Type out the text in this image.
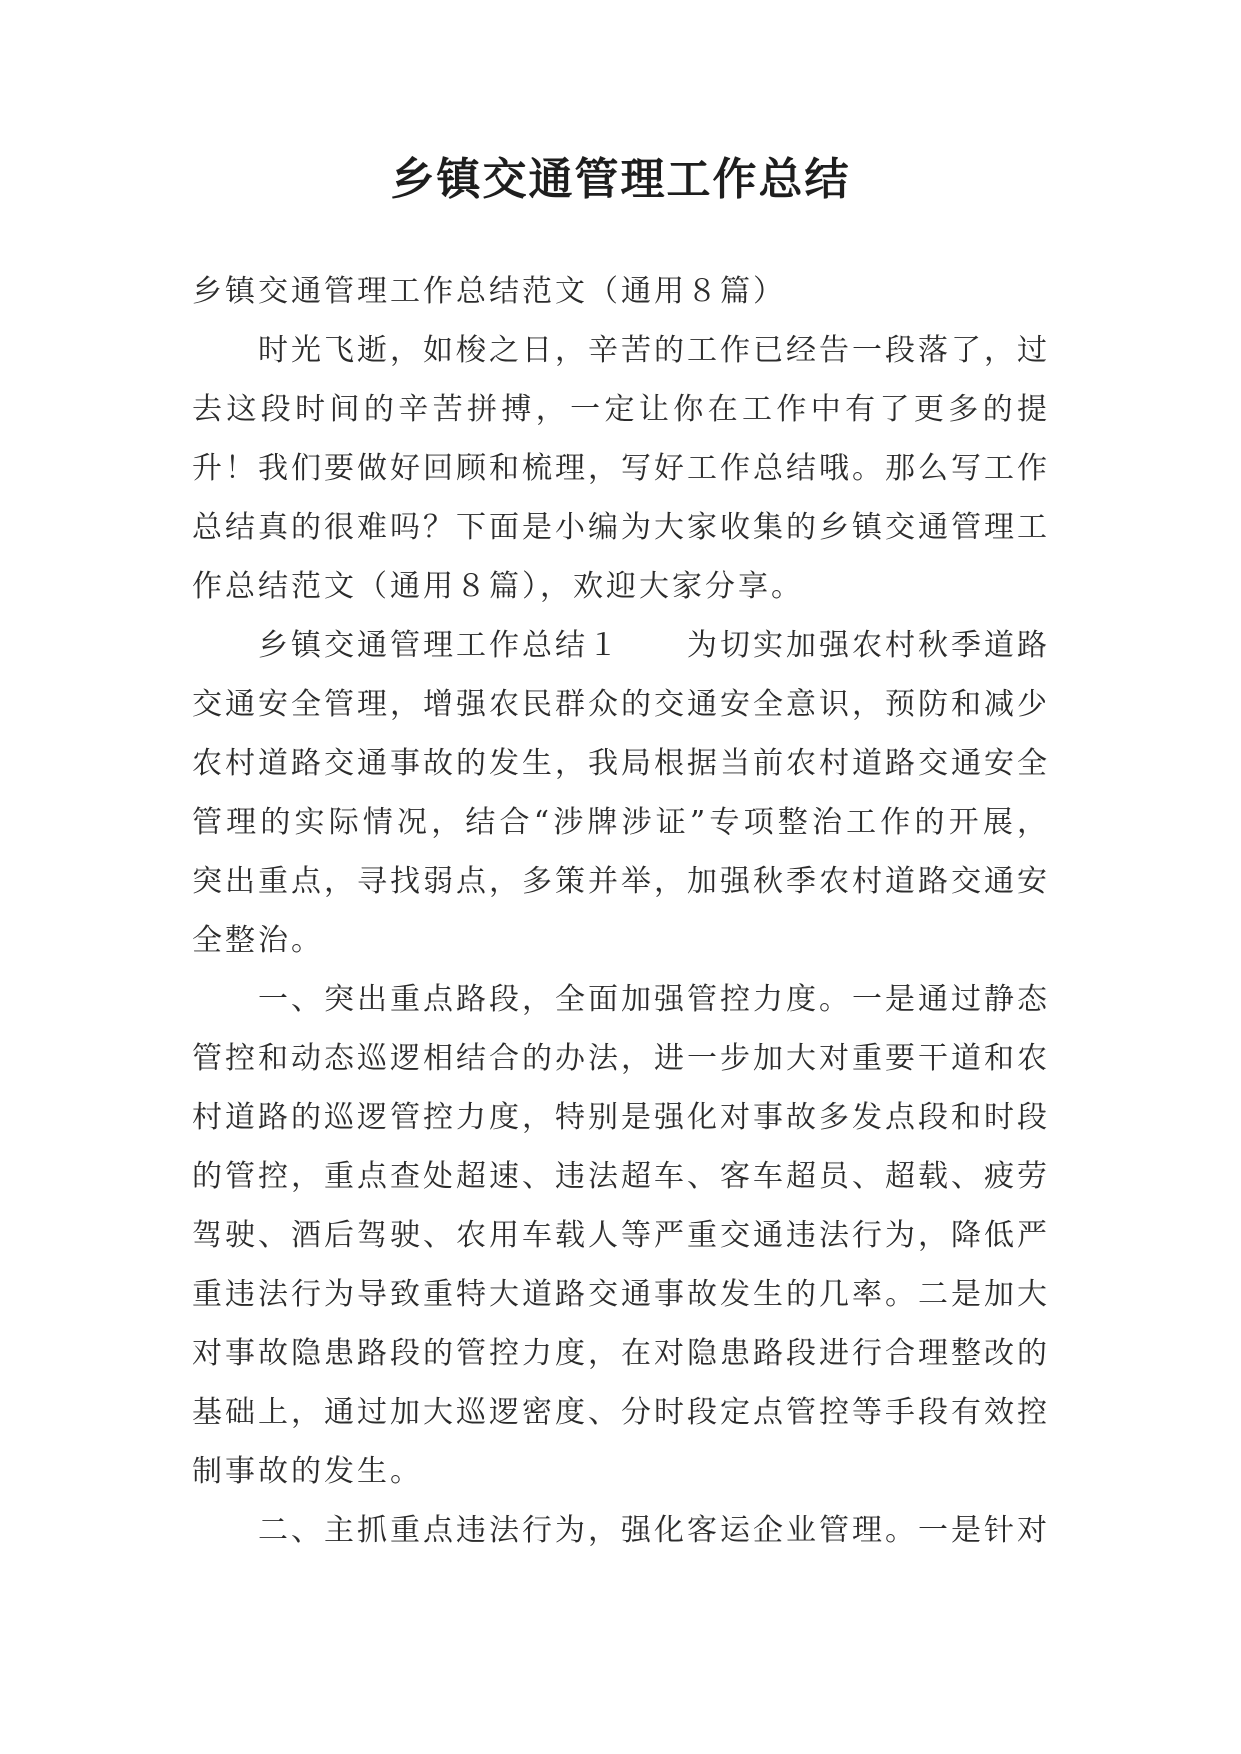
乡镇交通管理工作总结

乡镇交通管理工作总结范文（通用８篇）

时光飞逝，如梭之日，辛苦的工作已经告一段落了，过去这段时间的辛苦拼搏，一定让你在工作中有了更多的提升！我们要做好回顾和梳理，写好工作总结哦。那么写工作总结真的很难吗？下面是小编为大家收集的乡镇交通管理工作总结范文（通用８篇），欢迎大家分享。

乡镇交通管理工作总结１　　为切实加强农村秋季道路交通安全管理，增强农民群众的交通安全意识，预防和减少农村道路交通事故的发生，我局根据当前农村道路交通安全管理的实际情况，结合“涉牌涉证”专项整治工作的开展，突出重点，寻找弱点，多策并举，加强秋季农村道路交通安全整治。

一、突出重点路段，全面加强管控力度。一是通过静态管控和动态巡逻相结合的办法，进一步加大对重要干道和农村道路的巡逻管控力度，特别是强化对事故多发点段和时段的管控，重点查处超速、违法超车、客车超员、超载、疲劳驾驶、酒后驾驶、农用车载人等严重交通违法行为，降低严重违法行为导致重特大道路交通事故发生的几率。二是加大对事故隐患路段的管控力度，在对隐患路段进行合理整改的基础上，通过加大巡逻密度、分时段定点管控等手段有效控制事故的发生。

二、主抓重点违法行为，强化客运企业管理。一是针对
